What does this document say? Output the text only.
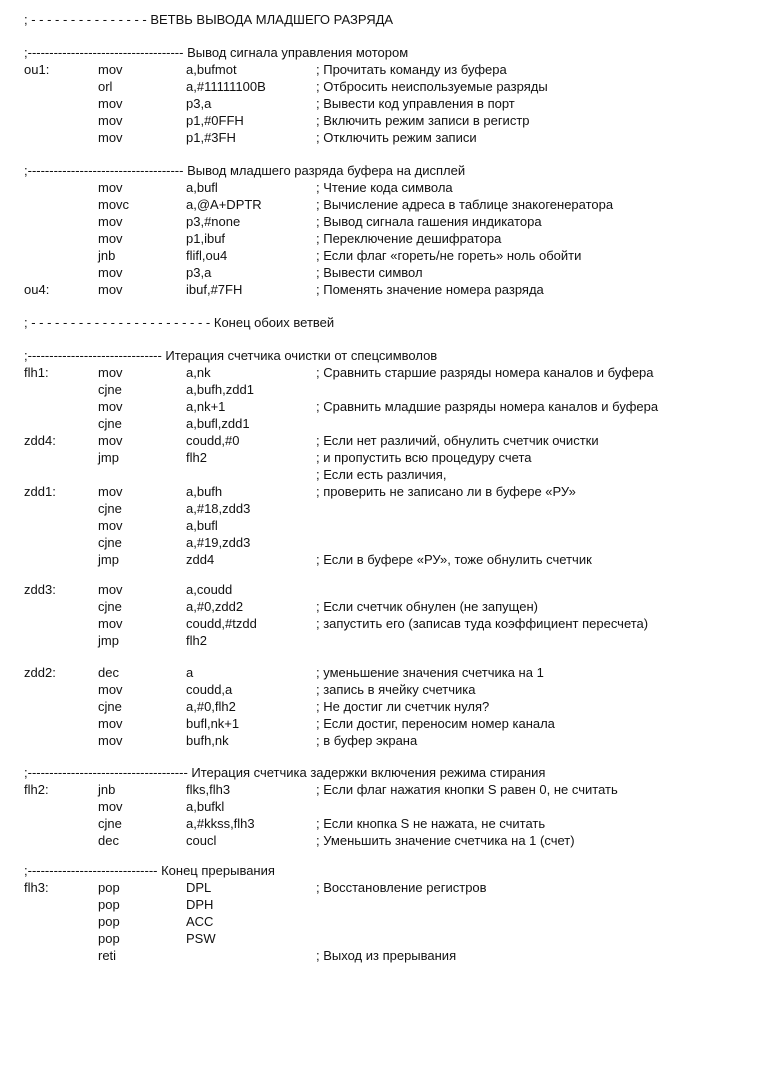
; - - - - - - - - - - - - - - - ВЕТВЬ ВЫВОДА МЛАДШЕГО РАЗРЯДА
;------------------------------------ Вывод сигнала управления мотором
ou1:	mov	a,bufmot	; Прочитать команду из буфера
orl	a,#11111100B	; Отбросить неиспользуемые разряды
mov	p3,a	; Вывести код управления в порт
mov	p1,#0FFH	; Включить режим записи в регистр
mov	p1,#3FH	; Отключить режим записи
;------------------------------------ Вывод младшего разряда буфера на дисплей
mov	a,bufl	; Чтение кода символа
movc	a,@A+DPTR	; Вычисление адреса в таблице знакогенератора
mov	p3,#none	; Вывод сигнала гашения индикатора
mov	p1,ibuf	; Переключение дешифратора
jnb	flifl,ou4	; Если флаг «гореть/не гореть» ноль обойти
mov	p3,a	; Вывести символ
ou4:	mov	ibuf,#7FH	; Поменять значение номера разряда
; - - - - - - - - - - - - - - - - - - - - - - - Конец обоих ветвей
;------------------------------- Итерация счетчика очистки от спецсимволов
flh1:	mov	a,nk	; Сравнить старшие разряды номера каналов и буфера
cjne	a,bufh,zdd1
mov	a,nk+1	; Сравнить младшие разряды номера каналов и буфера
cjne	a,bufl,zdd1
zdd4:	mov	coudd,#0	; Если нет различий, обнулить счетчик очистки
jmp	flh2	; и пропустить всю процедуру счета
; Если есть различия,
zdd1:	mov	a,bufh	; проверить не записано ли в буфере «РУ»
cjne	a,#18,zdd3
mov	a,bufl
cjne	a,#19,zdd3
jmp	zdd4	; Если в буфере «РУ», тоже обнулить счетчик
zdd3:	mov	a,coudd
cjne	a,#0,zdd2	; Если счетчик обнулен (не запущен)
mov	coudd,#tzdd	; запустить его (записав туда коэффициент пересчета)
jmp	flh2
zdd2:	dec	a	; уменьшение значения счетчика на 1
mov	coudd,a	; запись в ячейку счетчика
cjne	a,#0,flh2	; Не достиг ли счетчик нуля?
mov	bufl,nk+1	; Если достиг, переносим номер канала
mov	bufh,nk	; в буфер экрана
;------------------------------------- Итерация счетчика задержки включения режима стирания
flh2:	jnb	flks,flh3	; Если флаг нажатия кнопки S равен 0, не считать
mov	a,bufkl
cjne	a,#kkss,flh3	; Если кнопка S не нажата, не считать
dec	coucl	; Уменьшить значение счетчика на 1 (счет)
;------------------------------ Конец прерывания
flh3:	pop	DPL	; Восстановление регистров
pop	DPH
pop	ACC
pop	PSW
reti	; Выход из прерывания
